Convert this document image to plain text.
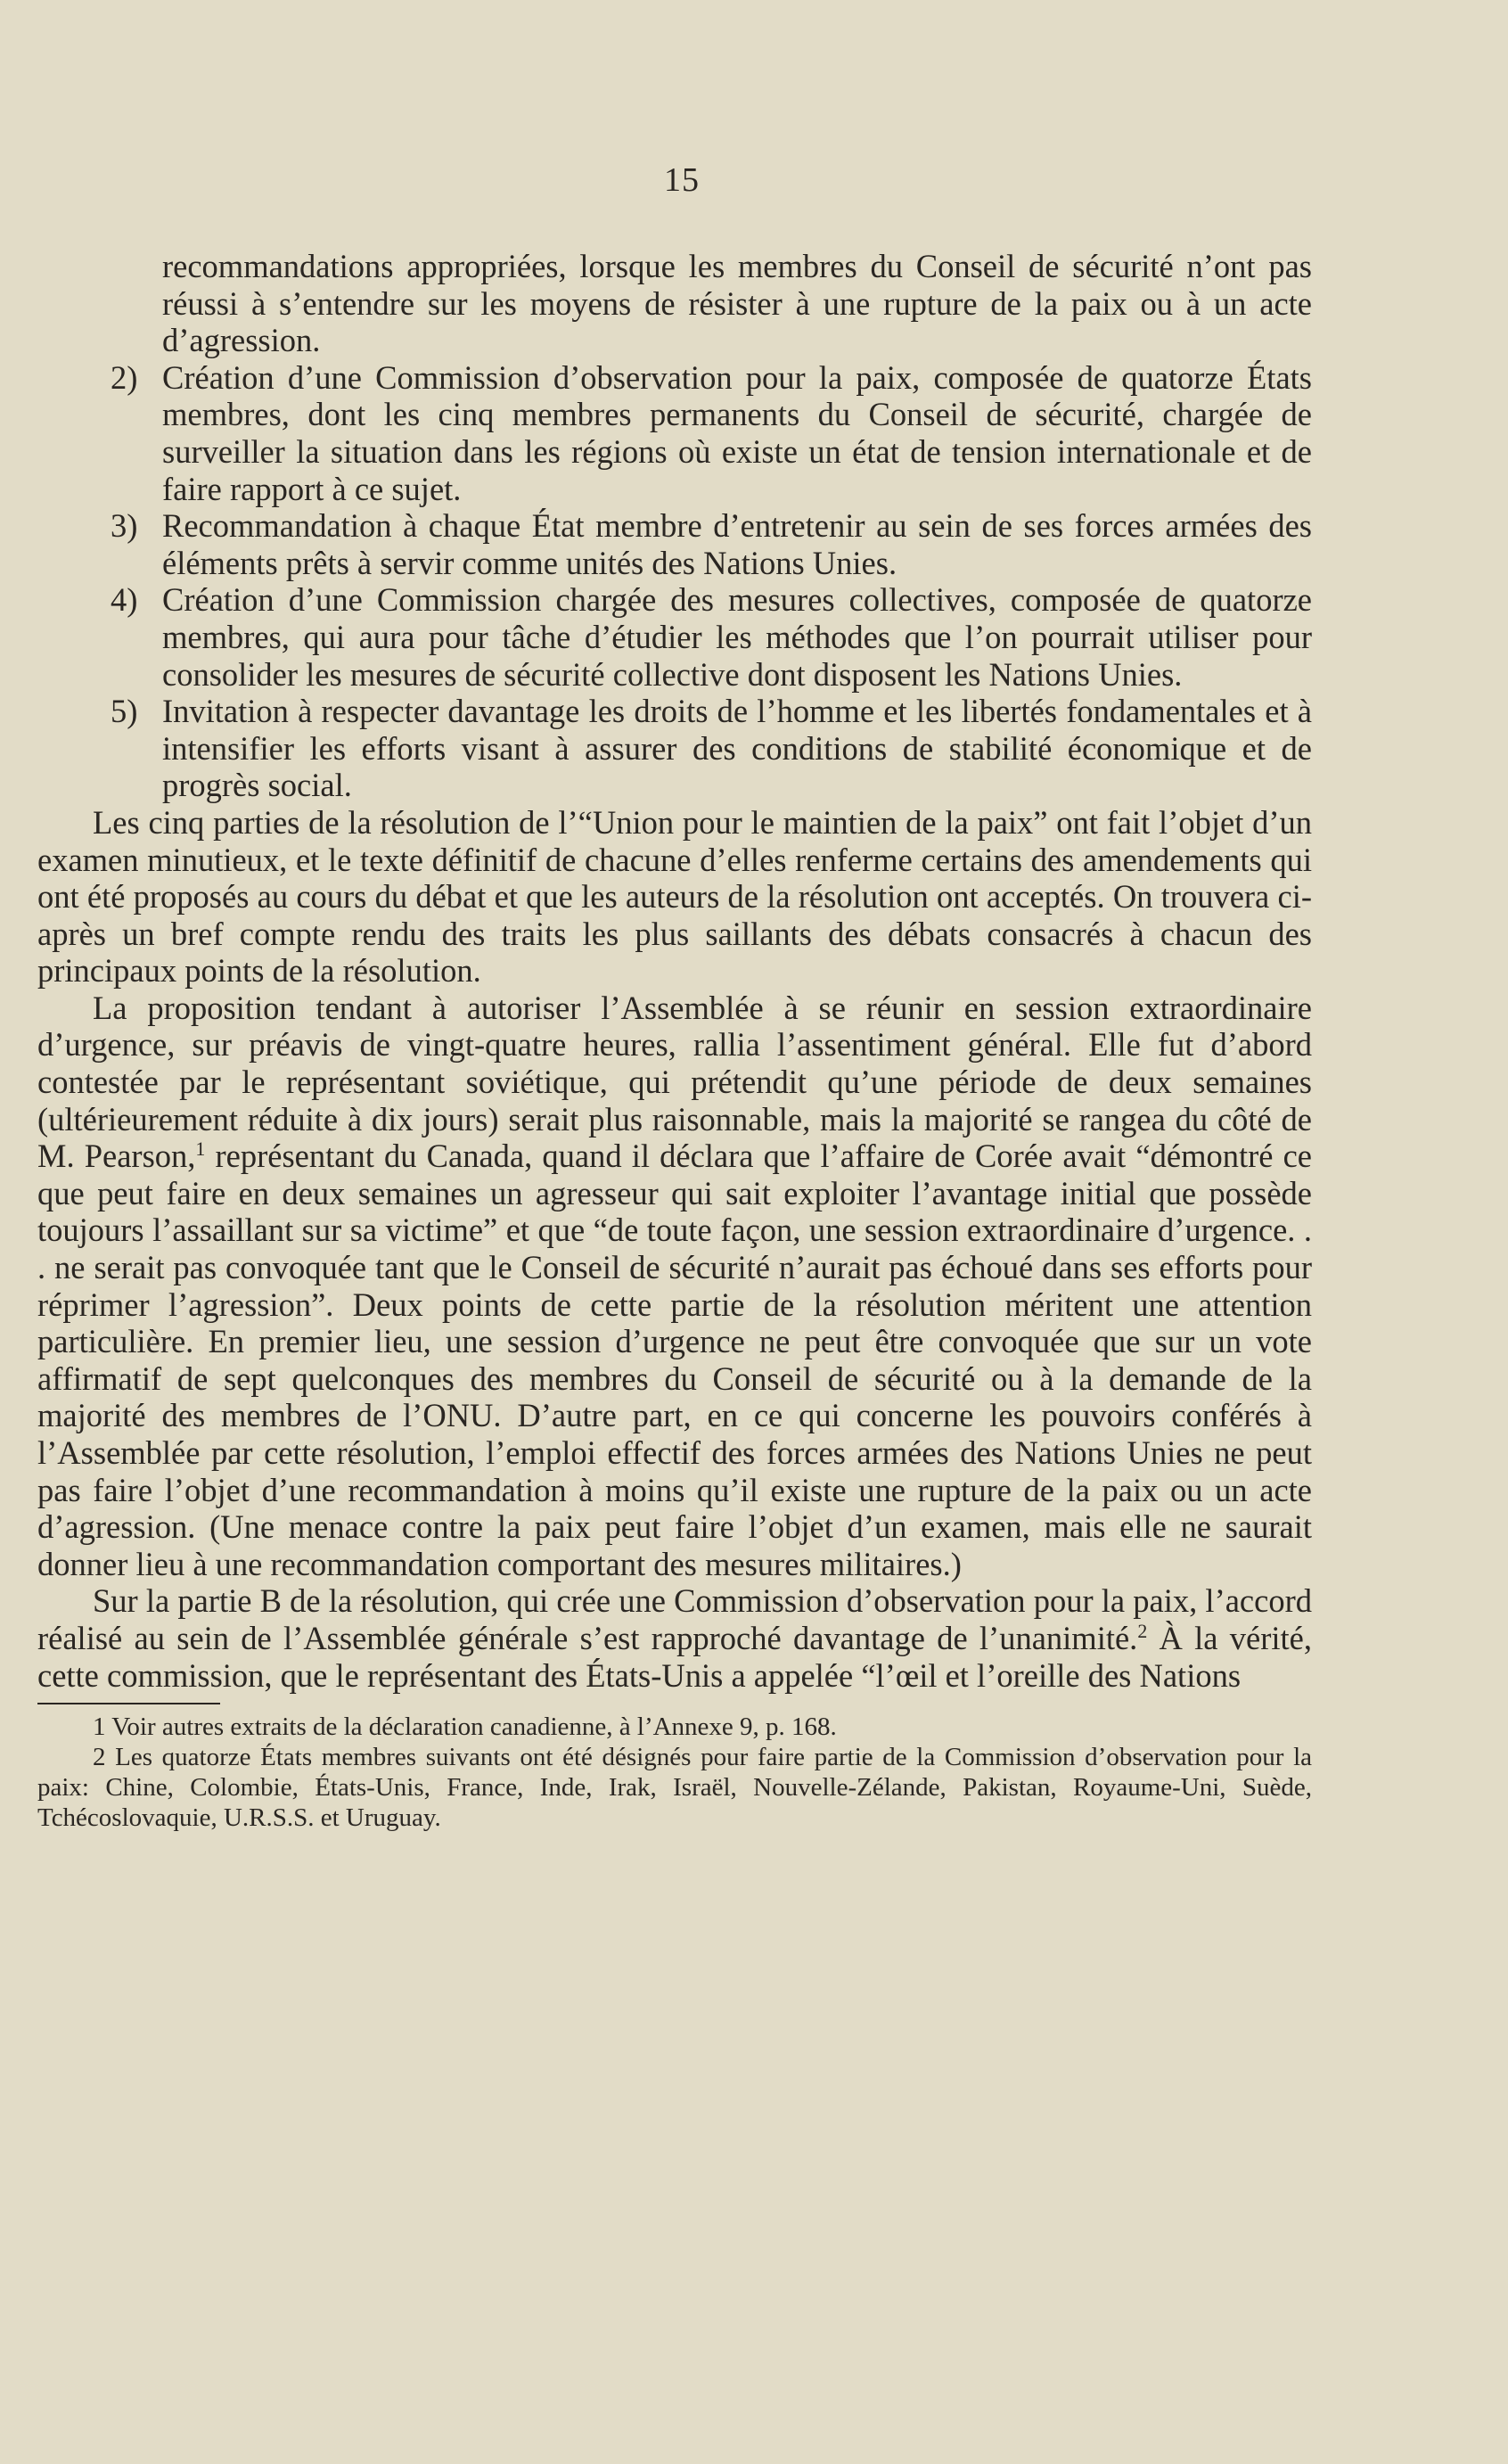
15

recommandations appropriées, lorsque les membres du Conseil de sécurité n’ont pas réussi à s’entendre sur les moyens de résister à une rupture de la paix ou à un acte d’agression.

2) Création d’une Commission d’observation pour la paix, composée de quatorze États membres, dont les cinq membres permanents du Conseil de sécurité, chargée de surveiller la situation dans les régions où existe un état de tension internationale et de faire rapport à ce sujet.

3) Recommandation à chaque État membre d’entretenir au sein de ses forces armées des éléments prêts à servir comme unités des Nations Unies.

4) Création d’une Commission chargée des mesures collectives, composée de quatorze membres, qui aura pour tâche d’étudier les méthodes que l’on pourrait utiliser pour consolider les mesures de sécurité collective dont disposent les Nations Unies.

5) Invitation à respecter davantage les droits de l’homme et les libertés fondamentales et à intensifier les efforts visant à assurer des conditions de stabilité économique et de progrès social.

Les cinq parties de la résolution de l’“Union pour le maintien de la paix” ont fait l’objet d’un examen minutieux, et le texte définitif de chacune d’elles renferme certains des amendements qui ont été proposés au cours du débat et que les auteurs de la résolution ont acceptés. On trouvera ci-après un bref compte rendu des traits les plus saillants des débats consacrés à chacun des principaux points de la résolution.

La proposition tendant à autoriser l’Assemblée à se réunir en session extraordinaire d’urgence, sur préavis de vingt-quatre heures, rallia l’assentiment général. Elle fut d’abord contestée par le représentant soviétique, qui prétendit qu’une période de deux semaines (ultérieurement réduite à dix jours) serait plus raisonnable, mais la majorité se rangea du côté de M. Pearson,$^1$ représentant du Canada, quand il déclara que l’affaire de Corée avait “démontré ce que peut faire en deux semaines un agresseur qui sait exploiter l’avantage initial que possède toujours l’assaillant sur sa victime” et que “de toute façon, une session extraordinaire d’urgence. . . ne serait pas convoquée tant que le Conseil de sécurité n’aurait pas échoué dans ses efforts pour réprimer l’agression”. Deux points de cette partie de la résolution méritent une attention particulière. En premier lieu, une session d’urgence ne peut être convoquée que sur un vote affirmatif de sept quelconques des membres du Conseil de sécurité ou à la demande de la majorité des membres de l’ONU. D’autre part, en ce qui concerne les pouvoirs conférés à l’Assemblée par cette résolution, l’emploi effectif des forces armées des Nations Unies ne peut pas faire l’objet d’une recommandation à moins qu’il existe une rupture de la paix ou un acte d’agression. (Une menace contre la paix peut faire l’objet d’un examen, mais elle ne saurait donner lieu à une recommandation comportant des mesures militaires.)

Sur la partie B de la résolution, qui crée une Commission d’observation pour la paix, l’accord réalisé au sein de l’Assemblée générale s’est rapproché davantage de l’unanimité.$^2$ À la vérité, cette commission, que le représentant des États-Unis a appelée “l’œil et l’oreille des Nations

1 Voir autres extraits de la déclaration canadienne, à l’Annexe 9, p. 168.

2 Les quatorze États membres suivants ont été désignés pour faire partie de la Commission d’observation pour la paix: Chine, Colombie, États-Unis, France, Inde, Irak, Israël, Nouvelle-Zélande, Pakistan, Royaume-Uni, Suède, Tchécoslovaquie, U.R.S.S. et Uruguay.
